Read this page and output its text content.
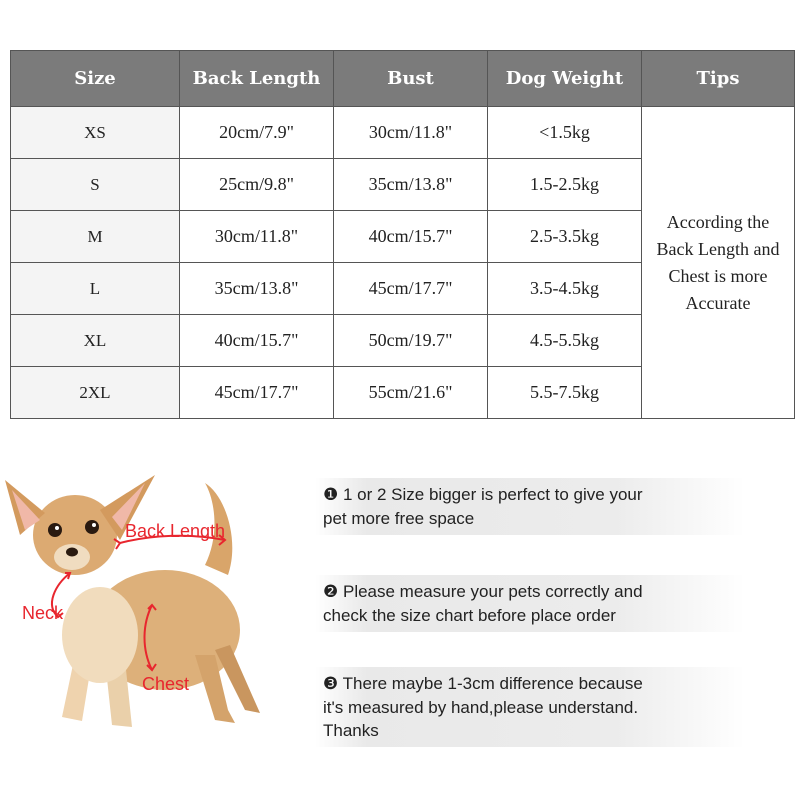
Size	Back Length	Bust	Dog Weight	Tips
XS	20cm/7.9"	30cm/11.8"	<1.5kg	According the
Back Length and
Chest is more
Accurate

S	25cm/9.8"	35cm/13.8"	1.5-2.5kg	
M	30cm/11.8"	40cm/15.7"	2.5-3.5kg	
L	35cm/13.8"	45cm/17.7"	3.5-4.5kg	
XL	40cm/15.7"	50cm/19.7"	4.5-5.5kg	
2XL	45cm/17.7"	55cm/21.6"	5.5-7.5kg	
Back Length
Neck
Chest
❶ 1 or 2 Size bigger is perfect to give your
pet more free space
❷ Please measure your pets correctly and
check the size chart before place order
❸ There maybe 1-3cm difference because
it's measured by hand,please understand.
Thanks
